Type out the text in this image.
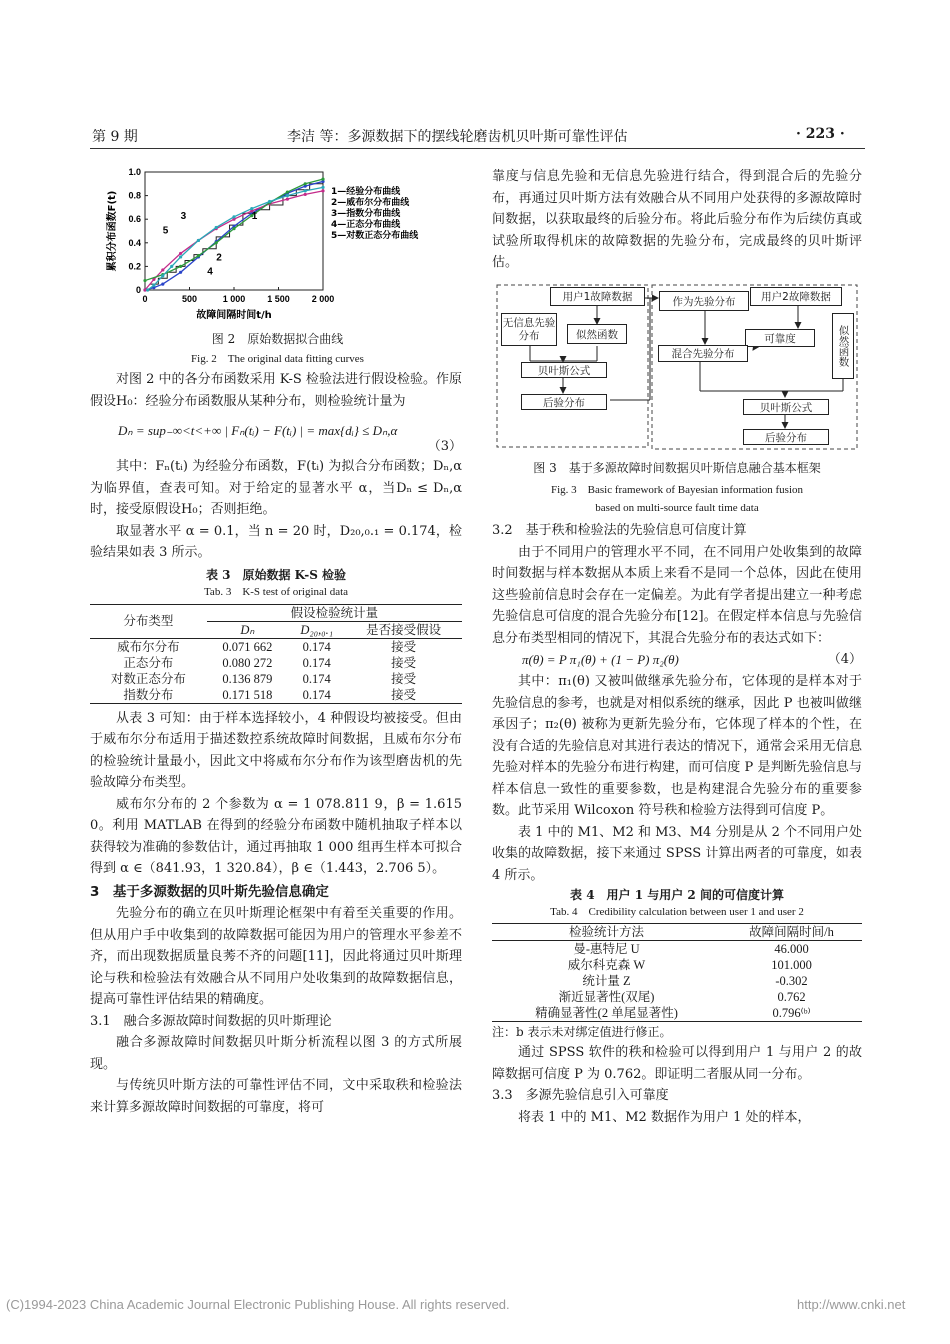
第 9 期	李洁 等：多源数据下的摆线轮磨齿机贝叶斯可靠性评估	· 223 ·
0
0.2
0.4
0.6
0.8
1.0
0	500	1 000 1 500 2 000
故障间隔时间t/h
累积分布函数F(t)	1
2
3
4
5
1—经验分布曲线
2—威布尔分布曲线
3—指数分布曲线
4—正态分布曲线
5—对数正态分布曲线
图 2　原始数据拟合曲线
Fig. 2　The original data fitting curves

对图 2 中的各分布函数采用 K-S 检验法进行假设检验。作原假设H₀：经验分布函数服从某种分布，则检验统计量为

Dₙ = sup₋∞<t<+∞ | Fₙ(tᵢ) − F(tᵢ) | = max{dᵢ} ≤ Dₙ,α
（3）

其中：Fₙ(tᵢ) 为经验分布函数，F(tᵢ) 为拟合分布函数；Dₙ,α为临界值，查表可知。对于给定的显著水平 α，当Dₙ ≤ Dₙ,α时，接受原假设H₀；否则拒绝。

取显著水平 α = 0.1，当 n = 20 时，D₂₀,₀.₁ = 0.174，检验结果如表 3 所示。

表 3　原始数据 K-S 检验
Tab. 3　K-S test of original data
分布类型	假设检验统计量		
	Dₙ	D₂₀,₀.₁	是否接受假设
威布尔分布	0.071 662	0.174	接受
正态分布	0.080 272	0.174	接受
对数正态分布	0.136 879	0.174	接受
指数分布	0.171 518	0.174	接受

从表 3 可知：由于样本选择较小，4 种假设均被接受。但由于威布尔分布适用于描述数控系统故障时间数据，且威布尔分布的检验统计量最小，因此文中将威布尔分布作为该型磨齿机的先验故障分布类型。

威布尔分布的 2 个参数为 α = 1 078.811 9，β = 1.615 0。利用 MATLAB 在得到的经验分布函数中随机抽取子样本以获得较为准确的参数估计，通过再抽取 1 000 组再生样本可拟合得到 α ∈（841.93，1 320.84），β ∈（1.443，2.706 5）。

3　基于多源数据的贝叶斯先验信息确定

先验分布的确立在贝叶斯理论框架中有着至关重要的作用。但从用户手中收集到的故障数据可能因为用户的管理水平参差不齐，而出现数据质量良莠不齐的问题[11]，因此将通过贝叶斯理论与秩和检验法有效融合从不同用户处收集到的故障数据信息，提高可靠性评估结果的精确度。

3.1　融合多源故障时间数据的贝叶斯理论

融合多源故障时间数据贝叶斯分析流程以图 3 的方式所展现。

与传统贝叶斯方法的可靠性评估不同，文中采取秩和检验法来计算多源故障时间数据的可靠度，将可

靠度与信息先验和无信息先验进行结合，得到混合后的先验分布，再通过贝叶斯方法有效融合从不同用户处获得的多源故障时间数据，以获取最终的后验分布。将此后验分布作为后续仿真或试验所取得机床的故障数据的先验分布，完成最终的贝叶斯评估。

用户1故障数据
无信息先验分布	似然函数
贝叶斯公式
后验分布
作为先验分布	用户2故障数据
可靠度	似然函数
混合先验分布
贝叶斯公式
后验分布
图 3　基于多源故障时间数据贝叶斯信息融合基本框架
Fig. 3　Basic framework of Bayesian information fusion
based on multi-source fault time data
3.2　基于秩和检验法的先验信息可信度计算

由于不同用户的管理水平不同，在不同用户处收集到的故障时间数据与样本数据从本质上来看不是同一个总体，因此在使用这些验前信息时会存在一定偏差。为此有学者提出建立一种考虑先验信息可信度的混合先验分布[12]。在假定样本信息与先验信息分布类型相同的情况下，其混合先验分布的表达式如下：

π(θ) = P π₁(θ) + (1 − P) π₂(θ)	（4）

其中：π₁(θ) 又被叫做继承先验分布，它体现的是样本对于先验信息的参考，也就是对相似系统的继承，因此 P 也被叫做继承因子；π₂(θ) 被称为更新先验分布，它体现了样本的个性，在没有合适的先验信息对其进行表达的情况下，通常会采用无信息先验对样本的先验分布进行构建，而可信度 P 是判断先验信息与样本信息一致性的重要参数，也是构建混合先验分布的重要参数。此节采用 Wilcoxon 符号秩和检验方法得到可信度 P。

表 1 中的 M1、M2 和 M3、M4 分别是从 2 个不同用户处收集的故障数据，接下来通过 SPSS 计算出两者的可靠度，如表 4 所示。

表 4　用户 1 与用户 2 间的可信度计算
Tab. 4　Credibility calculation between user 1 and user 2
检验统计方法	故障间隔时间/h
曼-惠特尼 U	46.000
威尔科克森 W	101.000
统计量 Z	-0.302
渐近显著性(双尾)	0.762
精确显著性(2 单尾显著性)	0.796⁽ᵇ⁾
注：b 表示未对绑定值进行修正。

通过 SPSS 软件的秩和检验可以得到用户 1 与用户 2 的故障数据可信度 P 为 0.762。即证明二者服从同一分布。

3.3　多源先验信息引入可靠度

将表 1 中的 M1、M2 数据作为用户 1 处的样本，

(C)1994-2023 China Academic Journal Electronic Publishing House. All rights reserved.	http://www.cnki.net
